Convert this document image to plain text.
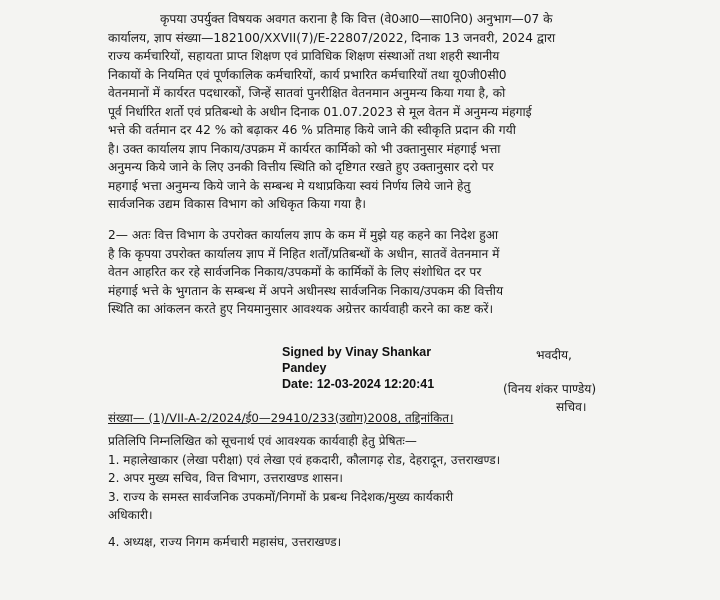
कृपया उपर्युक्त विषयक अवगत कराना है कि वित्त (वे0आ0—सा0नि0) अनुभाग—07 के
कार्यालय, ज्ञाप संख्या—182100/XXVII(7)/E-22807/2022, दिनाक 13 जनवरी, 2024 द्वारा
राज्य कर्मचारियों, सहायता प्राप्त शिक्षण एवं प्राविधिक शिक्षण संस्थाओं तथा शहरी स्थानीय
निकायों के नियमित एवं पूर्णकालिक कर्मचारियों, कार्य प्रभारित कर्मचारियों तथा यू0जी0सी0
वेतनमानों में कार्यरत पदधारकों, जिन्हें सातवां पुनरीक्षित वेतनमान अनुमन्य किया गया है, को
पूर्व निर्धारित शर्तो एवं प्रतिबन्धो के अधीन दिनाक 01.07.2023 से मूल वेतन में अनुमन्य मंहगाई
भत्ते की वर्तमान दर 42 % को बढ़ाकर 46 % प्रतिमाह किये जाने की स्वीकृति प्रदान की गयी
है। उक्त कार्यालय ज्ञाप निकाय/उपक्रम में कार्यरत कार्मिको को भी उक्तानुसार मंहगाई भत्ता
अनुमन्य किये जाने के लिए उनकी वित्तीय स्थिति को दृष्टिगत रखते हुए उक्तानुसार दरो पर
महगाई भत्ता अनुमन्य किये जाने के सम्बन्ध मे यथाप्रकिया स्वयं निर्णय लिये जाने हेतु
सार्वजनिक उद्यम विकास विभाग को अधिकृत किया गया है।
2— अतः वित्त विभाग के उपरोक्त कार्यालय ज्ञाप के कम में मुझे यह कहने का निदेश हुआ
है कि कृपया उपरोक्त कार्यालय ज्ञाप में निहित शर्तों/प्रतिबन्धों के अधीन, सातवें वेतनमान में
वेतन आहरित कर रहे सार्वजनिक निकाय/उपकमों के कार्मिकों के लिए संशोधित दर पर
मंहगाई भत्ते के भुगतान के सम्बन्ध में अपने अधीनस्थ सार्वजनिक निकाय/उपकम की वित्तीय
स्थिति का आंकलन करते हुए नियमानुसार आवश्यक अग्रेत्तर कार्यवाही करने का कष्ट करें।
Signed by Vinay Shankar
Pandey
Date: 12-03-2024 12:20:41
भवदीय,
(विनय शंकर पाण्डेय)
सचिव।
संख्या— (1)/VII-A-2/2024/ई0—29410/233(उद्योग)2008, तद्दिनांकित।
प्रतिलिपि निम्नलिखित को सूचनार्थ एवं आवश्यक कार्यवाही हेतु प्रेषितः—
1. महालेखाकार (लेखा परीक्षा) एवं लेखा एवं हकदारी, कौलागढ़ रोड, देहरादून, उत्तराखण्ड।
2. अपर मुख्य सचिव, वित्त विभाग, उत्तराखण्ड शासन।
3. राज्य के समस्त सार्वजनिक उपकमों/निगमों के प्रबन्ध निदेशक/मुख्य कार्यकारी
अधिकारी।
4. अध्यक्ष, राज्य निगम कर्मचारी महासंघ, उत्तराखण्ड।
